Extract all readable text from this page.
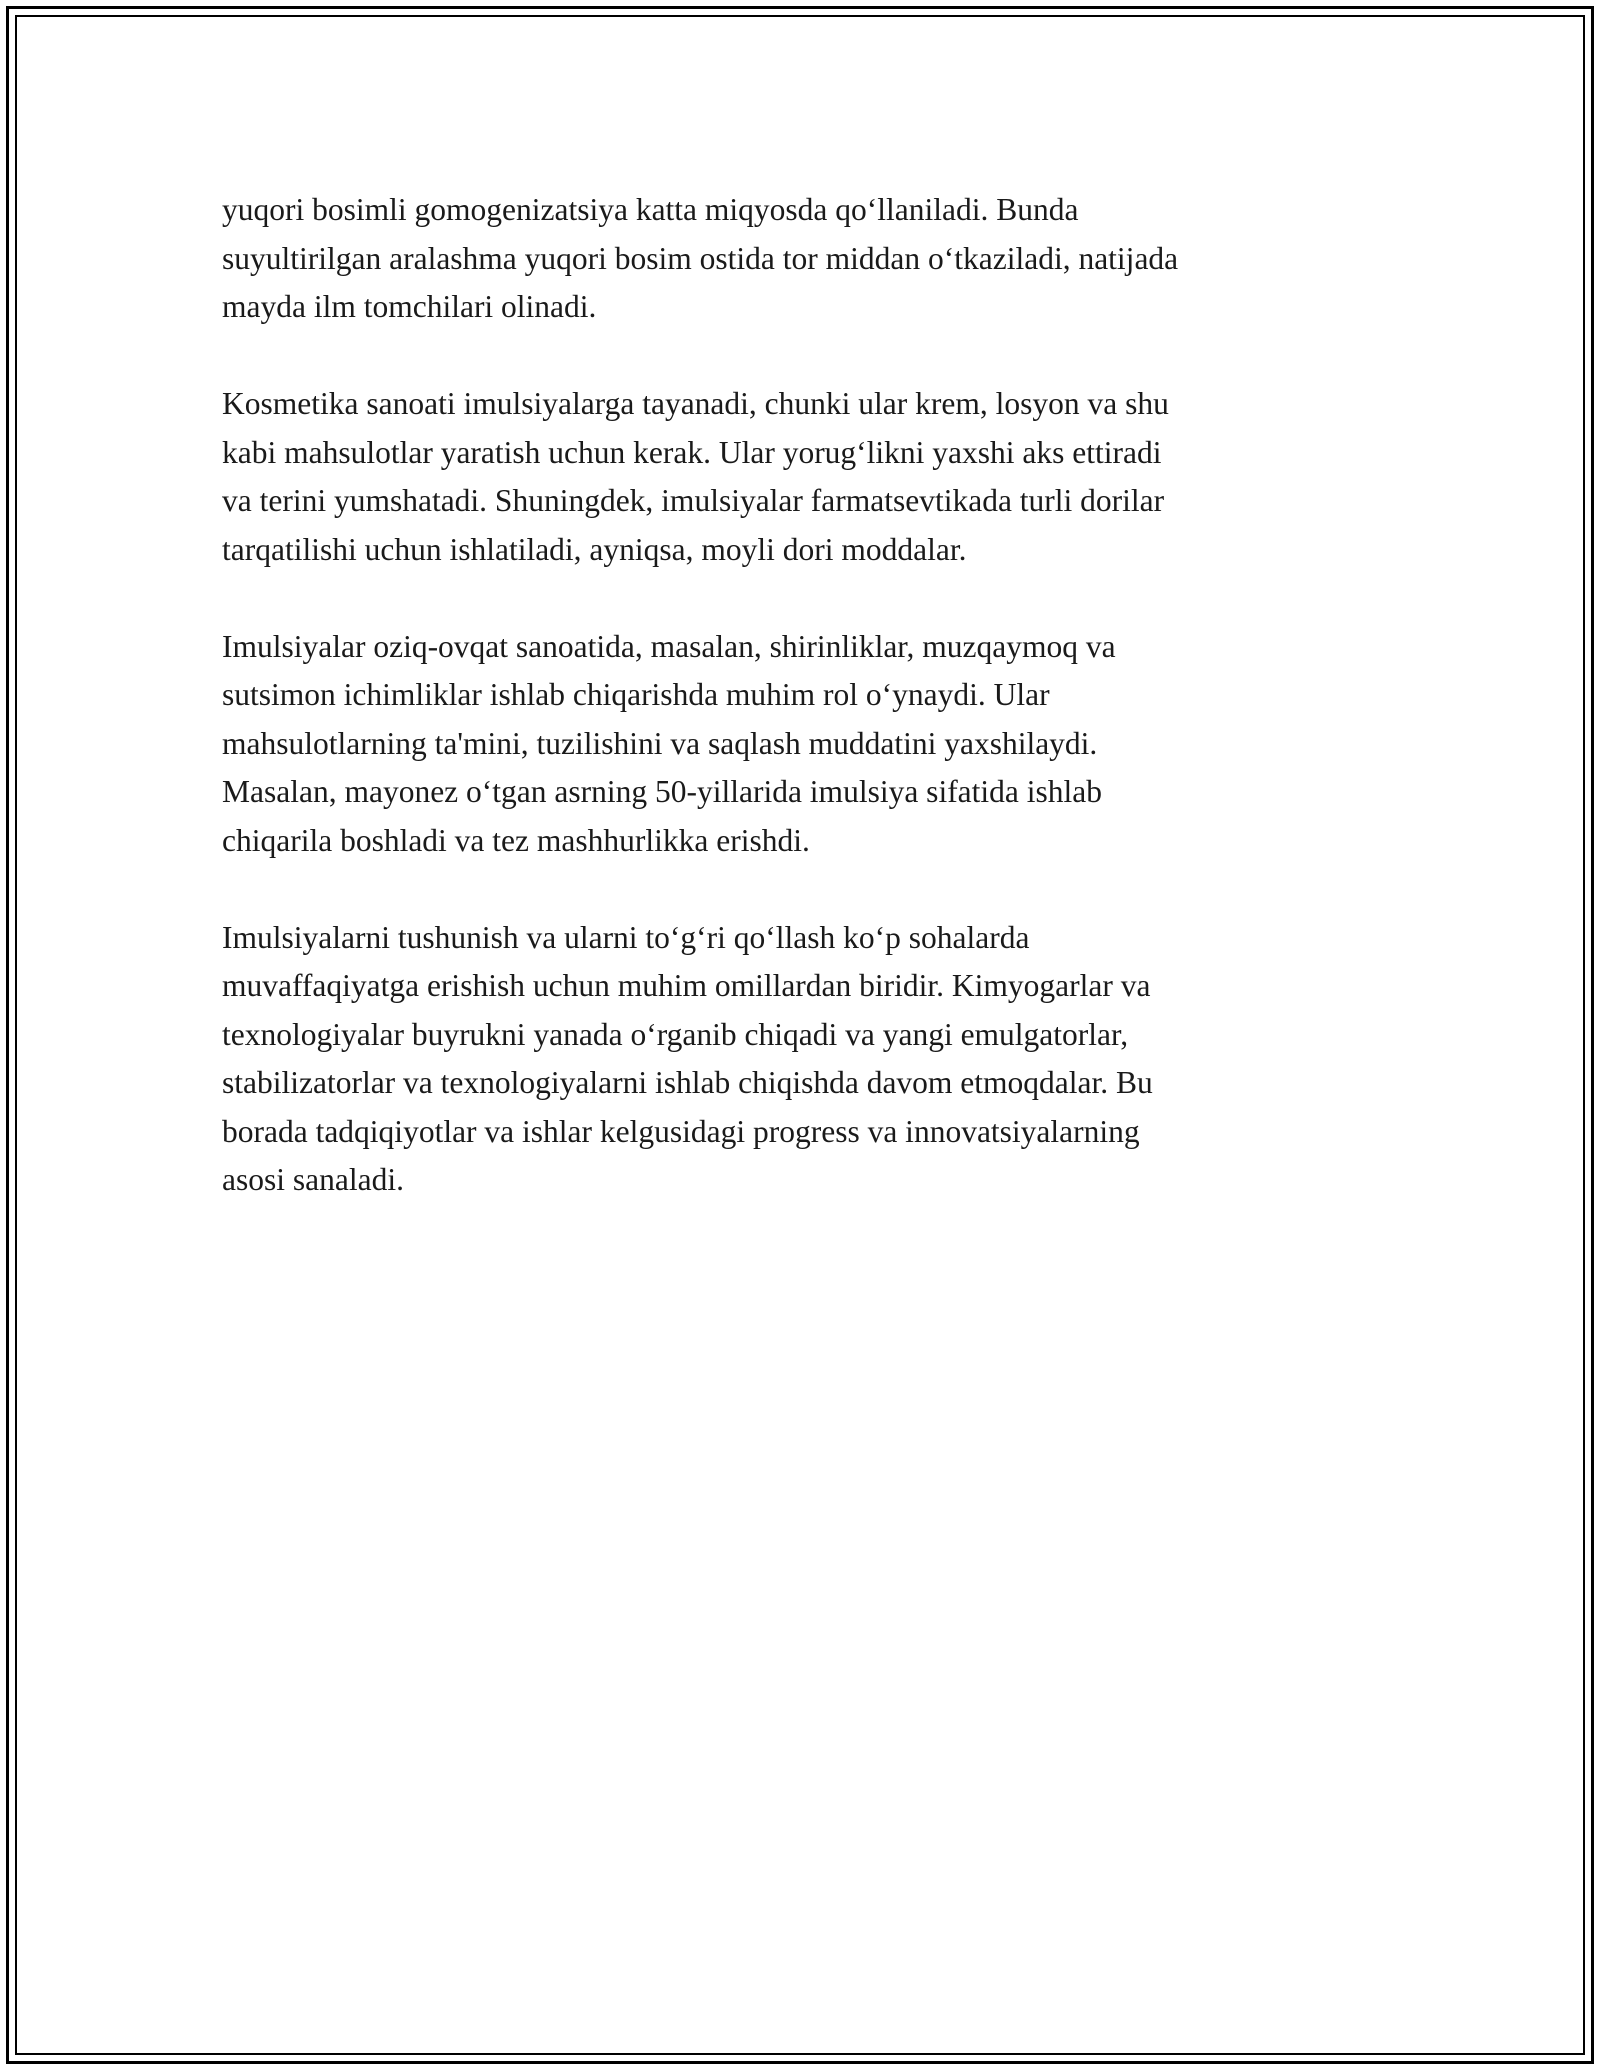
yuqori bosimli gomogenizatsiya katta miqyosda qo‘llaniladi. Bunda
suyultirilgan aralashma yuqori bosim ostida tor middan o‘tkaziladi, natijada
mayda ilm tomchilari olinadi.

Kosmetika sanoati imulsiyalarga tayanadi, chunki ular krem, losyon va shu
kabi mahsulotlar yaratish uchun kerak. Ular yorug‘likni yaxshi aks ettiradi
va terini yumshatadi. Shuningdek, imulsiyalar farmatsevtikada turli dorilar
tarqatilishi uchun ishlatiladi, ayniqsa, moyli dori moddalar.

Imulsiyalar oziq-ovqat sanoatida, masalan, shirinliklar, muzqaymoq va
sutsimon ichimliklar ishlab chiqarishda muhim rol o‘ynaydi. Ular
mahsulotlarning ta'mini, tuzilishini va saqlash muddatini yaxshilaydi.
Masalan, mayonez o‘tgan asrning 50-yillarida imulsiya sifatida ishlab
chiqarila boshladi va tez mashhurlikka erishdi.

Imulsiyalarni tushunish va ularni to‘g‘ri qo‘llash ko‘p sohalarda
muvaffaqiyatga erishish uchun muhim omillardan biridir. Kimyogarlar va
texnologiyalar buyrukni yanada o‘rganib chiqadi va yangi emulgatorlar,
stabilizatorlar va texnologiyalarni ishlab chiqishda davom etmoqdalar. Bu
borada tadqiqiyotlar va ishlar kelgusidagi progress va innovatsiyalarning
asosi sanaladi.
